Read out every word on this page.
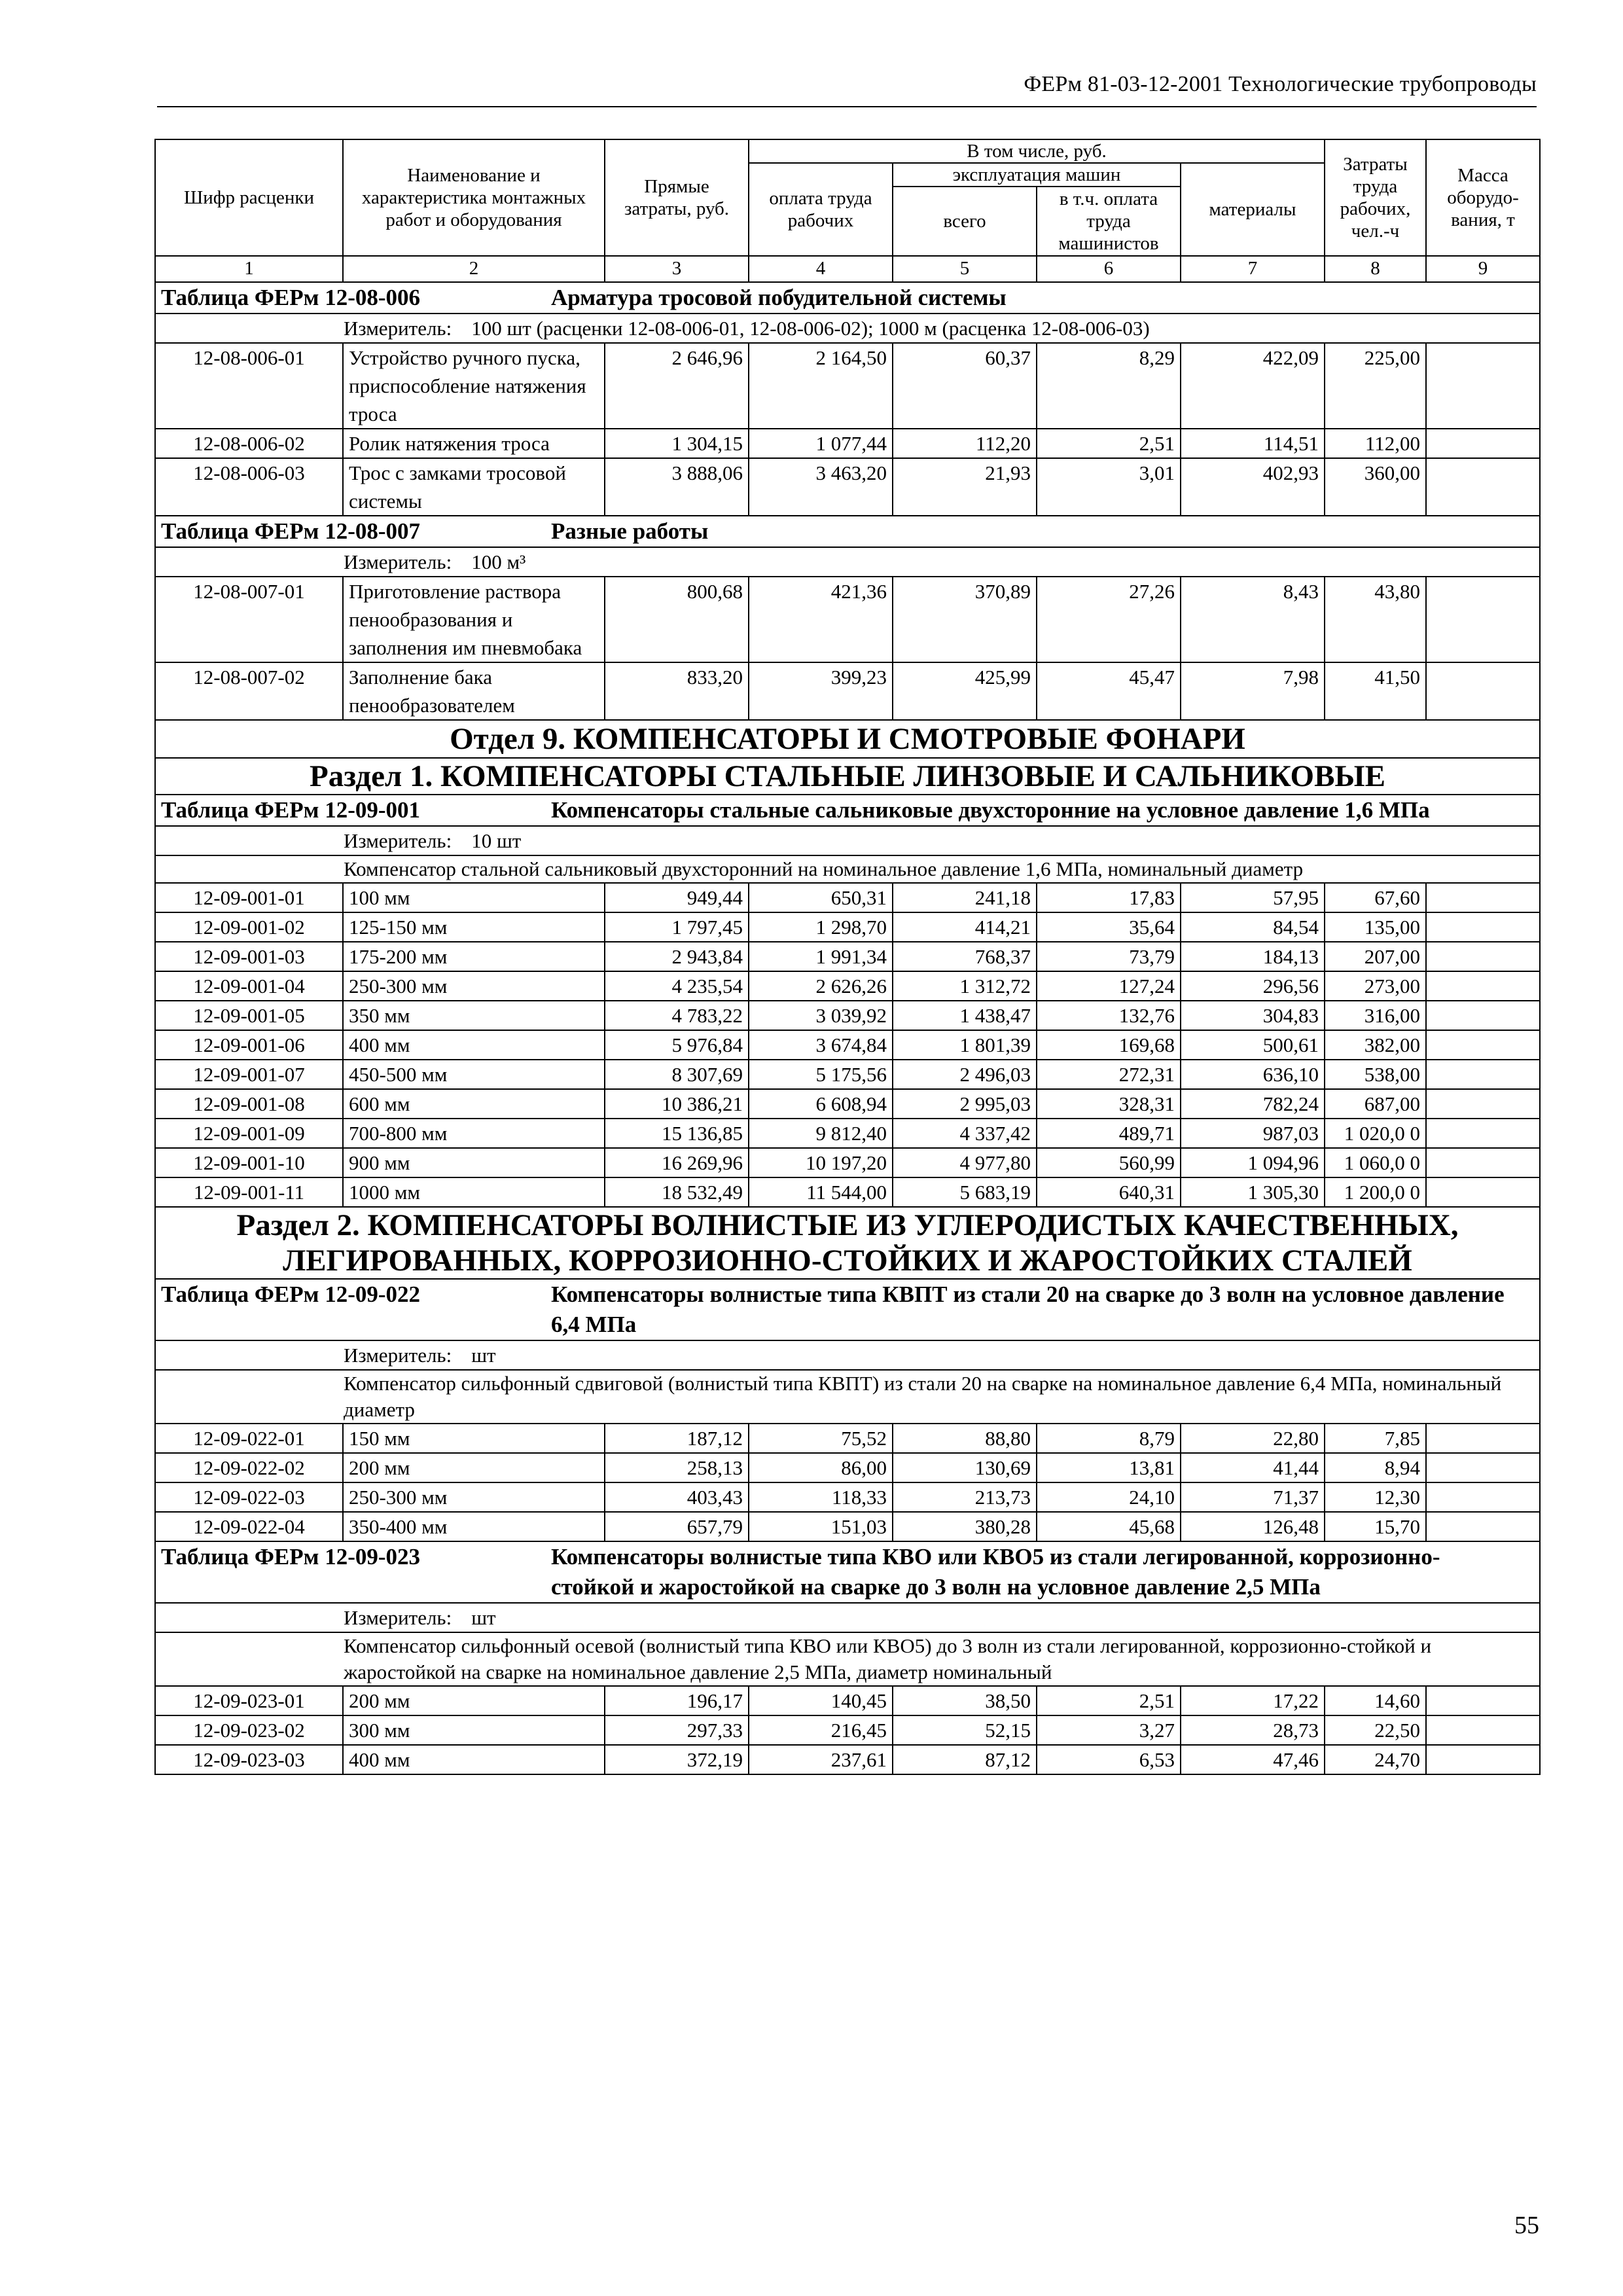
ФЕРм 81-03-12-2001 Технологические трубопроводы
Шифр расценки	Наименование и характеристика монтажных работ и оборудования	Прямые затраты, руб.	В том числе, руб.				Затраты труда рабочих, чел.-ч	Масса оборудо-вания, т
			оплата труда рабочих	эксплуатация машин		материалы		
				всего	в т.ч. оплата труда машинистов			

1	2	3	4	5	6	7	8	9
Таблица ФЕРм 12-08-006 Арматура тросовой побудительной системы								
Измеритель: 100 шт (расценки 12-08-006-01, 12-08-006-02); 1000 м (расценка 12-08-006-03)								
12-08-006-01	Устройство ручного пуска, приспособление натяжения троса	2 646,96	2 164,50	60,37	8,29	422,09	225,00	
12-08-006-02	Ролик натяжения троса	1 304,15	1 077,44	112,20	2,51	114,51	112,00	
12-08-006-03	Трос с замками тросовой системы	3 888,06	3 463,20	21,93	3,01	402,93	360,00	
Таблица ФЕРм 12-08-007 Разные работы								
Измеритель: 100 м³								
12-08-007-01	Приготовление раствора пенообразования и заполнения им пневмобака	800,68	421,36	370,89	27,26	8,43	43,80	
12-08-007-02	Заполнение бака пенообразователем	833,20	399,23	425,99	45,47	7,98	41,50	
Отдел 9. КОМПЕНСАТОРЫ И СМОТРОВЫЕ ФОНАРИ								
Раздел 1. КОМПЕНСАТОРЫ СТАЛЬНЫЕ ЛИНЗОВЫЕ И САЛЬНИКОВЫЕ								
Таблица ФЕРм 12-09-001 Компенсаторы стальные сальниковые двухсторонние на условное давление 1,6 МПа								
Измеритель: 10 шт								
Компенсатор стальной сальниковый двухсторонний на номинальное давление 1,6 МПа, номинальный диаметр								
12-09-001-01	100 мм	949,44	650,31	241,18	17,83	57,95	67,60	
12-09-001-02	125-150 мм	1 797,45	1 298,70	414,21	35,64	84,54	135,00	
12-09-001-03	175-200 мм	2 943,84	1 991,34	768,37	73,79	184,13	207,00	
12-09-001-04	250-300 мм	4 235,54	2 626,26	1 312,72	127,24	296,56	273,00	
12-09-001-05	350 мм	4 783,22	3 039,92	1 438,47	132,76	304,83	316,00	
12-09-001-06	400 мм	5 976,84	3 674,84	1 801,39	169,68	500,61	382,00	
12-09-001-07	450-500 мм	8 307,69	5 175,56	2 496,03	272,31	636,10	538,00	
12-09-001-08	600 мм	10 386,21	6 608,94	2 995,03	328,31	782,24	687,00	
12-09-001-09	700-800 мм	15 136,85	9 812,40	4 337,42	489,71	987,03	1 020,0 0	
12-09-001-10	900 мм	16 269,96	10 197,20	4 977,80	560,99	1 094,96	1 060,0 0	
12-09-001-11	1000 мм	18 532,49	11 544,00	5 683,19	640,31	1 305,30	1 200,0 0	

Раздел 2. КОМПЕНСАТОРЫ ВОЛНИСТЫЕ ИЗ УГЛЕРОДИСТЫХ КАЧЕСТВЕННЫХ,
ЛЕГИРОВАННЫХ, КОРРОЗИОННО-СТОЙКИХ И ЖАРОСТОЙКИХ СТАЛЕЙ								

Таблица ФЕРм 12-09-022 Компенсаторы волнистые типа КВПТ из стали 20 на сварке до 3 волн на условное давление 6,4 МПа								
Измеритель: шт								
Компенсатор сильфонный сдвиговой (волнистый типа КВПТ) из стали 20 на сварке на номинальное давление 6,4 МПа, номинальный диаметр								
12-09-022-01	150 мм	187,12	75,52	88,80	8,79	22,80	7,85	
12-09-022-02	200 мм	258,13	86,00	130,69	13,81	41,44	8,94	
12-09-022-03	250-300 мм	403,43	118,33	213,73	24,10	71,37	12,30	
12-09-022-04	350-400 мм	657,79	151,03	380,28	45,68	126,48	15,70	
Таблица ФЕРм 12-09-023 Компенсаторы волнистые типа КВО или КВО5 из стали легированной, коррозионно-стойкой и жаростойкой на сварке до 3 волн на условное давление 2,5 МПа								
Измеритель: шт								
Компенсатор сильфонный осевой (волнистый типа КВО или КВО5) до 3 волн из стали легированной, коррозионно-стойкой и жаростойкой на сварке на номинальное давление 2,5 МПа, диаметр номинальный								
12-09-023-01	200 мм	196,17	140,45	38,50	2,51	17,22	14,60	
12-09-023-02	300 мм	297,33	216,45	52,15	3,27	28,73	22,50	
12-09-023-03	400 мм	372,19	237,61	87,12	6,53	47,46	24,70	
55
